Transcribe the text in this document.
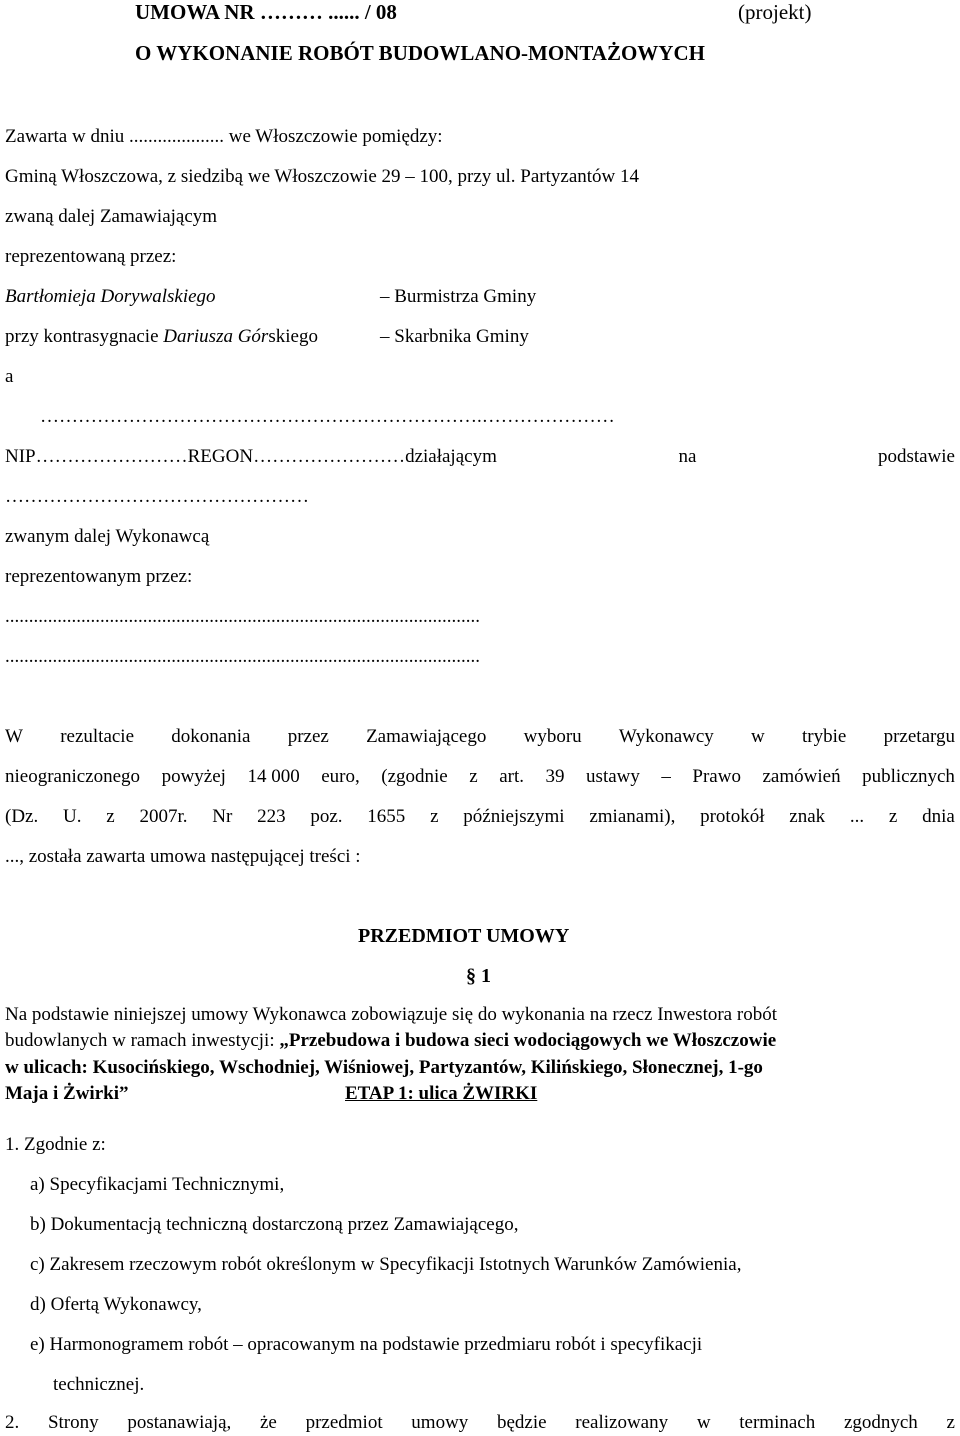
UMOWA NR ……… ...... / 08	(projekt)
O WYKONANIE ROBÓT BUDOWLANO-MONTAŻOWYCH
Zawarta w dniu .................... we Włoszczowie pomiędzy:
Gminą Włoszczowa, z siedzibą we Włoszczowie 29 – 100, przy ul. Partyzantów 14
zwaną dalej Zamawiającym
reprezentowaną przez:
Bartłomieja Dorywalskiego	– Burmistrza Gminy
przy kontrasygnacie Dariusza Górskiego	– Skarbnika Gminy
a
…………………………………………………………….…………………
NIP……………………REGON……………………działającym	na	podstawie
…………………………………………
zwanym dalej Wykonawcą
reprezentowanym przez:
....................................................................................................
....................................................................................................
W rezultacie dokonania przez Zamawiającego wyboru Wykonawcy w trybie przetargu
nieograniczonego powyżej 14 000 euro, (zgodnie z art. 39 ustawy – Prawo zamówień publicznych
(Dz. U. z 2007r. Nr 223 poz. 1655 z późniejszymi zmianami), protokół znak ... z dnia
..., została zawarta umowa następującej treści :
PRZEDMIOT UMOWY
§ 1
Na podstawie niniejszej umowy Wykonawca zobowiązuje się do wykonania na rzecz Inwestora robót
budowlanych w ramach inwestycji: „Przebudowa i budowa sieci wodociągowych we Włoszczowie
w ulicach: Kusocińskiego, Wschodniej, Wiśniowej, Partyzantów, Kilińskiego, Słonecznej, 1-go
Maja i Żwirki”	ETAP 1: ulica ŻWIRKI
1. Zgodnie z:
a) Specyfikacjami Technicznymi,
b) Dokumentacją techniczną dostarczoną przez Zamawiającego,
c) Zakresem rzeczowym robót określonym w Specyfikacji Istotnych Warunków Zamówienia,
d) Ofertą Wykonawcy,
e) Harmonogramem robót – opracowanym na podstawie przedmiaru robót i specyfikacji
technicznej.
2. Strony postanawiają, że przedmiot umowy będzie realizowany w terminach zgodnych z
